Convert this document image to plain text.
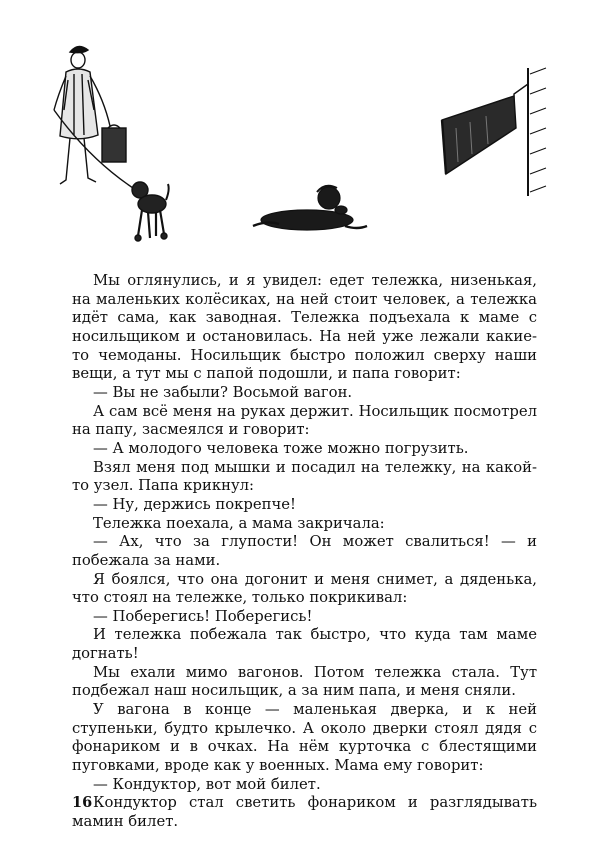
Мы оглянулись, и я увидел: едет тележка, низенькая, на маленьких колёсиках, на ней стоит человек, а тележка идёт сама, как заводная. Тележка подъехала к маме с носильщиком и остановилась. На ней уже лежали какие-то чемоданы. Носильщик быстро положил сверху наши вещи, а тут мы с папой подошли, и папа говорит:

— Вы не забыли? Восьмой вагон.

А сам всё меня на руках держит. Носильщик посмотрел на папу, засмеялся и говорит:

— А молодого человека тоже можно погрузить.

Взял меня под мышки и посадил на тележку, на какой-то узел. Папа крикнул:

— Ну, держись покрепче!

Тележка поехала, а мама закричала:

— Ах, что за глупости! Он может свалиться! — и побежала за нами.

Я боялся, что она догонит и меня снимет, а дяденька, что стоял на тележке, только покрикивал:

— Поберегись! Поберегись!

И тележка побежала так быстро, что куда там маме догнать!

Мы ехали мимо вагонов. Потом тележка стала. Тут подбежал наш носильщик, а за ним папа, и меня сняли.

У вагона в конце — маленькая дверка, и к ней ступеньки, будто крылечко. А около дверки стоял дядя с фонариком и в очках. На нём курточка с блестящими пуговками, вроде как у военных. Мама ему говорит:

— Кондуктор, вот мой билет.

Кондуктор стал светить фонариком и разглядывать мамин билет.

16
